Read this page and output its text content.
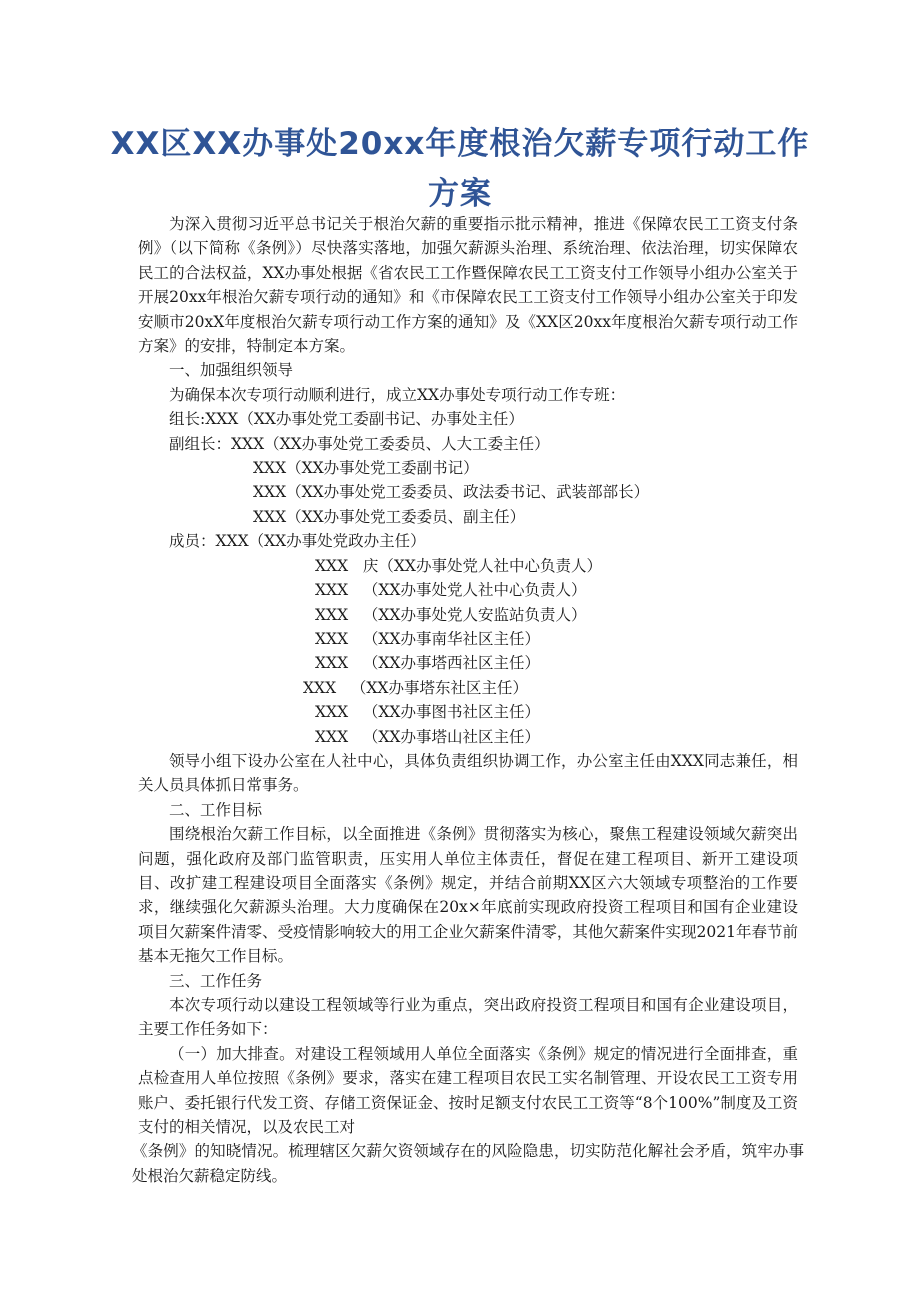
XX区XX办事处20xx年度根治欠薪专项行动工作
方案

为深入贯彻习近平总书记关于根治欠薪的重要指示批示精神，推进《保障农民工工资支付条例》（以下简称《条例》）尽快落实落地，加强欠薪源头治理、系统治理、依法治理，切实保障农民工的合法权益，XX办事处根据《省农民工工作暨保障农民工工资支付工作领导小组办公室关于开展20xx年根治欠薪专项行动的通知》和《市保障农民工工资支付工作领导小组办公室关于印发安顺市20xX年度根治欠薪专项行动工作方案的通知》及《XX区20xx年度根治欠薪专项行动工作方案》的安排，特制定本方案。

一、加强组织领导

为确保本次专项行动顺利进行，成立XX办事处专项行动工作专班：

组长:XXX（XX办事处党工委副书记、办事处主任）

副组长：XXX（XX办事处党工委委员、人大工委主任）

XXX（XX办事处党工委副书记）

XXX（XX办事处党工委委员、政法委书记、武装部部长）

XXX（XX办事处党工委委员、副主任）

成员：XXX（XX办事处党政办主任）

XXX 庆（XX办事处党人社中心负责人）

XXX （XX办事处党人社中心负责人）

XXX （XX办事处党人安监站负责人）

XXX （XX办事南华社区主任）

XXX （XX办事塔西社区主任）

XXX （XX办事塔东社区主任）

XXX （XX办事图书社区主任）

XXX （XX办事塔山社区主任）

领导小组下设办公室在人社中心，具体负责组织协调工作，办公室主任由XXX同志兼任，相关人员具体抓日常事务。

二、工作目标

围绕根治欠薪工作目标，以全面推进《条例》贯彻落实为核心，聚焦工程建设领域欠薪突出问题，强化政府及部门监管职责，压实用人单位主体责任，督促在建工程项目、新开工建设项目、改扩建工程建设项目全面落实《条例》规定，并结合前期XX区六大领域专项整治的工作要求，继续强化欠薪源头治理。大力度确保在20x×年底前实现政府投资工程项目和国有企业建设项目欠薪案件清零、受疫情影响较大的用工企业欠薪案件清零，其他欠薪案件实现2021年春节前基本无拖欠工作目标。

三、工作任务

本次专项行动以建设工程领域等行业为重点，突出政府投资工程项目和国有企业建设项目，主要工作任务如下：

（一）加大排查。对建设工程领域用人单位全面落实《条例》规定的情况进行全面排查，重点检查用人单位按照《条例》要求，落实在建工程项目农民工实名制管理、开设农民工工资专用账户、委托银行代发工资、存储工资保证金、按时足额支付农民工工资等“8个100%”制度及工资支付的相关情况，以及农民工对

《条例》的知晓情况。梳理辖区欠薪欠资领域存在的风险隐患，切实防范化解社会矛盾，筑牢办事处根治欠薪稳定防线。
